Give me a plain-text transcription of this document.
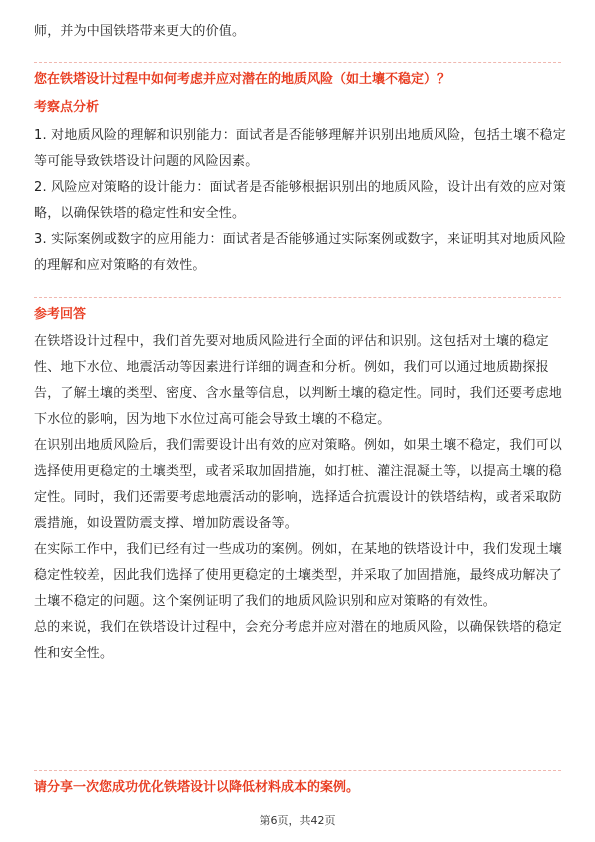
师，并为中国铁塔带来更大的价值。

您在铁塔设计过程中如何考虑并应对潜在的地质风险（如土壤不稳定）？
考察点分析

1. 对地质风险的理解和识别能力：面试者是否能够理解并识别出地质风险，包括土壤不稳定等可能导致铁塔设计问题的风险因素。

2. 风险应对策略的设计能力：面试者是否能够根据识别出的地质风险，设计出有效的应对策略，以确保铁塔的稳定性和安全性。

3. 实际案例或数字的应用能力：面试者是否能够通过实际案例或数字，来证明其对地质风险的理解和应对策略的有效性。

参考回答

在铁塔设计过程中，我们首先要对地质风险进行全面的评估和识别。这包括对土壤的稳定性、地下水位、地震活动等因素进行详细的调查和分析。例如，我们可以通过地质勘探报告，了解土壤的类型、密度、含水量等信息，以判断土壤的稳定性。同时，我们还要考虑地下水位的影响，因为地下水位过高可能会导致土壤的不稳定。

在识别出地质风险后，我们需要设计出有效的应对策略。例如，如果土壤不稳定，我们可以选择使用更稳定的土壤类型，或者采取加固措施，如打桩、灌注混凝土等，以提高土壤的稳定性。同时，我们还需要考虑地震活动的影响，选择适合抗震设计的铁塔结构，或者采取防震措施，如设置防震支撑、增加防震设备等。

在实际工作中，我们已经有过一些成功的案例。例如，在某地的铁塔设计中，我们发现土壤稳定性较差，因此我们选择了使用更稳定的土壤类型，并采取了加固措施，最终成功解决了土壤不稳定的问题。这个案例证明了我们的地质风险识别和应对策略的有效性。

总的来说，我们在铁塔设计过程中，会充分考虑并应对潜在的地质风险，以确保铁塔的稳定性和安全性。

请分享一次您成功优化铁塔设计以降低材料成本的案例。
第6页，共42页
